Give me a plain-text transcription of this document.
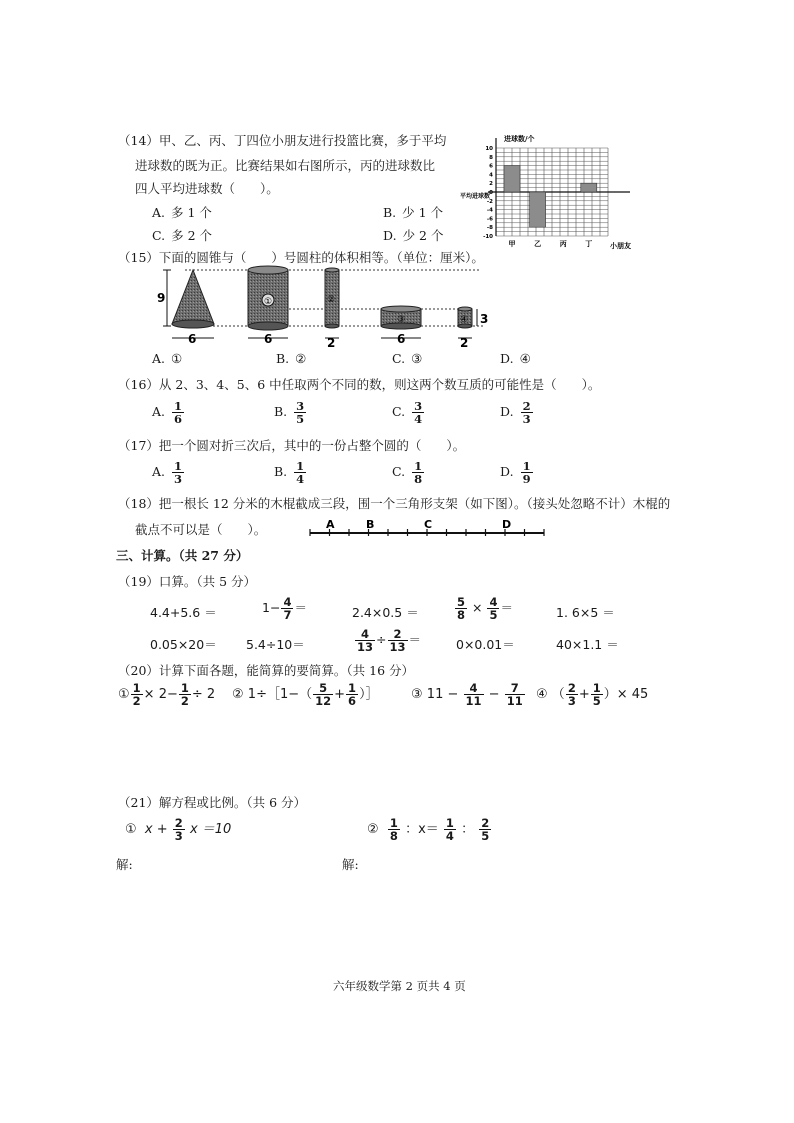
（14）甲、乙、丙、丁四位小朋友进行投篮比赛，多于平均
进球数的既为正。比赛结果如右图所示，丙的进球数比
四人平均进球数（　　）。
A. 多 1 个	B. 少 1 个
C. 多 2 个	D. 少 2 个
10
8
6
4
2
0
-2
-4
-6
-8
-10
甲	乙	丙	丁
进球数/个
小朋友
平均进球数
（15）下面的圆锥与（　　）号圆柱的体积相等。（单位：厘米）。
9
6
①
6
②
2
③
6
④
2
3
A. ①	B. ②	C. ③	D. ④
（16）从 2、3、4、5、6 中任取两个不同的数，则这两个数互质的可能性是（　　）。
A. $\frac{1}{6}$	B. $\frac{3}{5}$	C. $\frac{3}{4}$	D. $\frac{2}{3}$
（17）把一个圆对折三次后，其中的一份占整个圆的（　　）。
A. $\frac{1}{3}$	B. $\frac{1}{4}$	C. $\frac{1}{8}$	D. $\frac{1}{9}$
（18）把一根长 12 分米的木棍截成三段，围一个三角形支架（如下图）。（接头处忽略不计）木棍的
截点不可以是（　　）。	A	B	C	D
三、计算。（共 27 分）
（19）口算。（共 5 分）
4.4+5.6 ＝	$1- \frac{4}{7}$ ＝	2.4×0.5 ＝	$\frac{5}{8} \times \frac{4}{5}$ ＝	1. 6×5 ＝
0.05×20＝ 5.4÷10＝	$\frac{4}{13} \div \frac{2}{13}$ ＝	0×0.01＝	40×1.1 ＝
（20）计算下面各题，能简算的要简算。（共 16 分）
① $\frac{1}{2} \times 2- \frac{1}{2} \div 2$ ② 1÷［1−（ $\frac{5}{12} + \frac{1}{6}$ ）］ ③ $11 - \frac{4}{11} - \frac{7}{11}$ ④ （ $\frac{2}{3} + \frac{1}{5}$ ）× 45
（21）解方程或比例。（共 6 分）
① $x + \frac{2}{3}$ x ＝10	② $\frac{1}{8}$ ：$x= \frac{1}{4}$ ： $\frac{2}{5}$
解:	解:
六年级数学第 2 页共 4 页
